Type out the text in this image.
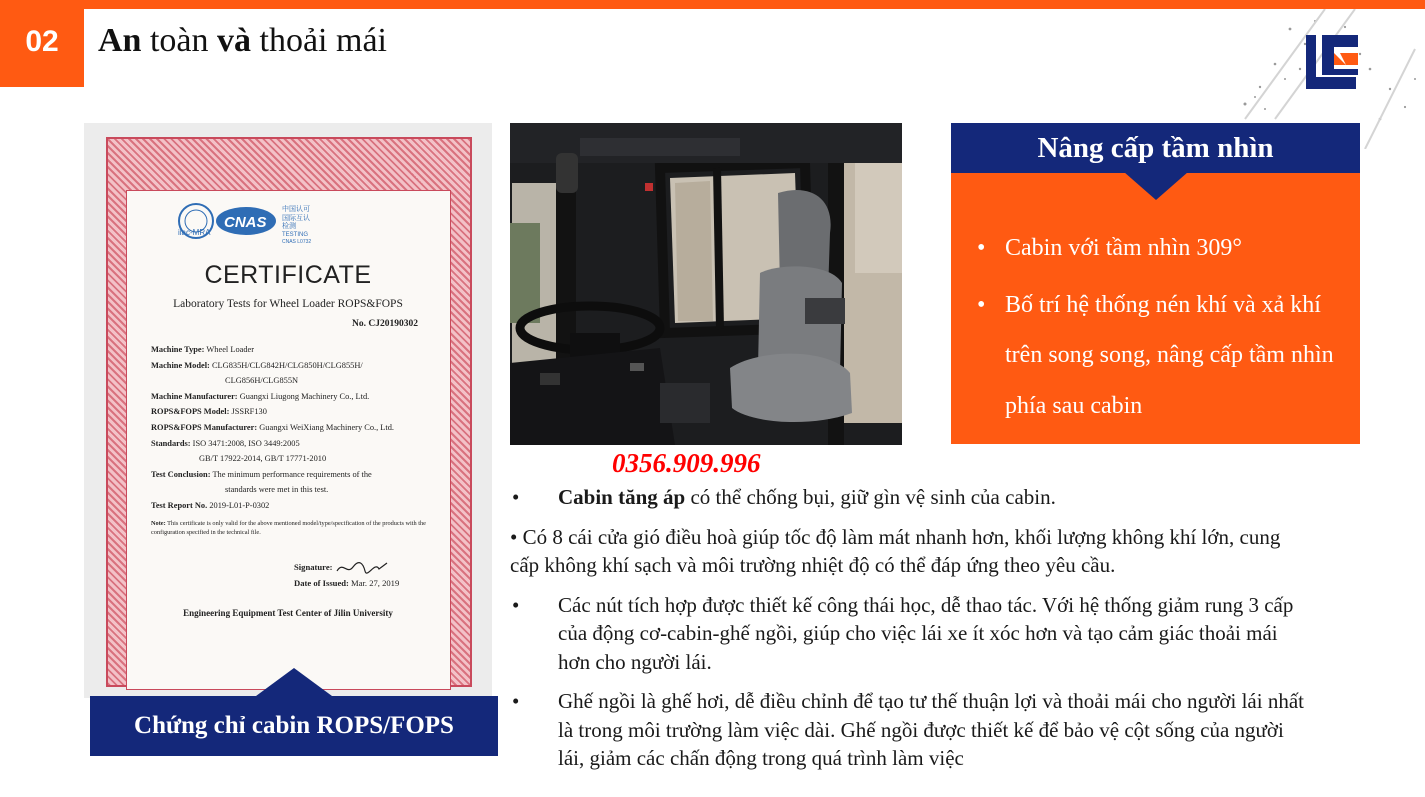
02	An toàn và thoải mái
ilac-MRA
CNAS
中国认可
国际互认
检测
TESTING
CNAS L0732
CERTIFICATE
Laboratory Tests for Wheel Loader ROPS&FOPS
No. CJ20190302
Machine Type: Wheel Loader
Machine Model: CLG835H/CLG842H/CLG850H/CLG855H/
CLG856H/CLG855N
Machine Manufacturer: Guangxi Liugong Machinery Co., Ltd.
ROPS&FOPS Model: JSSRF130
ROPS&FOPS Manufacturer: Guangxi WeiXiang Machinery Co., Ltd.
Standards: ISO 3471:2008, ISO 3449:2005
GB/T 17922-2014, GB/T 17771-2010
Test Conclusion: The minimum performance requirements of the
standards were met in this test.
Test Report No. 2019-L01-P-0302
Note: This certificate is only valid for the above mentioned model/type/specification of the products with the configuration specified in the technical file.
Signature:
Date of Issued: Mar. 27, 2019
Engineering Equipment Test Center of Jilin University
Chứng chỉ cabin ROPS/FOPS
0356.909.996
Nâng cấp tầm nhìn
• Cabin với tầm nhìn 309°
• Bố trí hệ thống nén khí và xả khí trên song song, nâng cấp tầm nhìn phía sau cabin
• Cabin tăng áp có thể chống bụi, giữ gìn vệ sinh của cabin.
• Có 8 cái cửa gió điều hoà giúp tốc độ làm mát nhanh hơn, khối lượng không khí lớn, cung cấp không khí sạch và môi trường nhiệt độ có thể đáp ứng theo yêu cầu.
• Các nút tích hợp được thiết kế công thái học, dễ thao tác. Với hệ thống giảm rung 3 cấp của động cơ-cabin-ghế ngồi, giúp cho việc lái xe ít xóc hơn và tạo cảm giác thoải mái hơn cho người lái.
• Ghế ngồi là ghế hơi, dễ điều chỉnh để tạo tư thế thuận lợi và thoải mái cho người lái nhất là trong môi trường làm việc dài. Ghế ngồi được thiết kế để bảo vệ cột sống của người lái, giảm các chấn động trong quá trình làm việc
